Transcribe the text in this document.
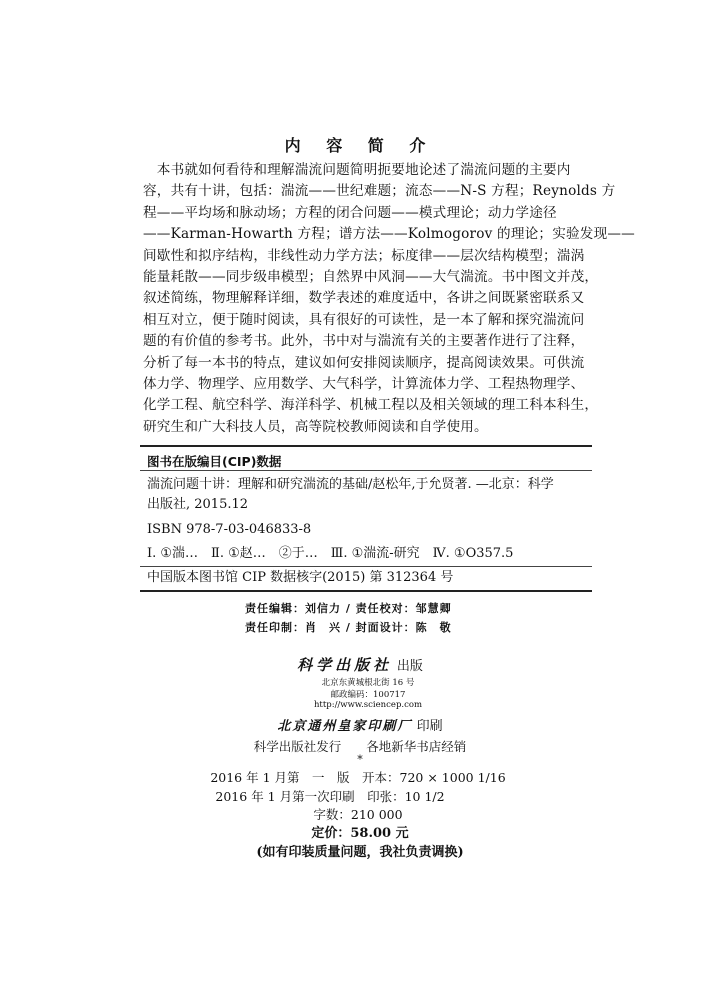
内 容 简 介
　本书就如何看待和理解湍流问题简明扼要地论述了湍流问题的主要内
容，共有十讲，包括：湍流——世纪难题；流态——N-S 方程；Reynolds 方
程——平均场和脉动场；方程的闭合问题——模式理论；动力学途径
——Karman-Howarth 方程；谱方法——Kolmogorov 的理论；实验发现——
间歇性和拟序结构，非线性动力学方法；标度律——层次结构模型；湍涡
能量耗散——同步级串模型；自然界中风洞——大气湍流。书中图文并茂，
叙述简练，物理解释详细，数学表述的难度适中，各讲之间既紧密联系又
相互对立，便于随时阅读，具有很好的可读性，是一本了解和探究湍流问
题的有价值的参考书。此外，书中对与湍流有关的主要著作进行了注释，
分析了每一本书的特点，建议如何安排阅读顺序，提高阅读效果。可供流
体力学、物理学、应用数学、大气科学，计算流体力学、工程热物理学、
化学工程、航空科学、海洋科学、机械工程以及相关领域的理工科本科生，
研究生和广大科技人员，高等院校教师阅读和自学使用。
图书在版编目(CIP)数据
湍流问题十讲：理解和研究湍流的基础/赵松年,于允贤著. —北京：科学
出版社, 2015.12
ISBN 978-7-03-046833-8
Ⅰ. ①湍…　Ⅱ. ①赵…　②于…　Ⅲ. ①湍流-研究　Ⅳ. ①O357.5
中国版本图书馆 CIP 数据核字(2015) 第 312364 号
责任编辑：刘信力 / 责任校对：邹慧卿
责任印制：肖　兴 / 封面设计：陈　敬
科学出版社 出版
北京东黄城根北街 16 号
邮政编码：100717
http://www.sciencep.com
北京通州皇家印刷厂 印刷
科学出版社发行　　各地新华书店经销
*
2016 年 1 月第　一　版　开本：720 × 1000 1/16
2016 年 1 月第一次印刷　印张：10 1/2
字数：210 000
定价：58.00 元
(如有印装质量问题，我社负责调换)
